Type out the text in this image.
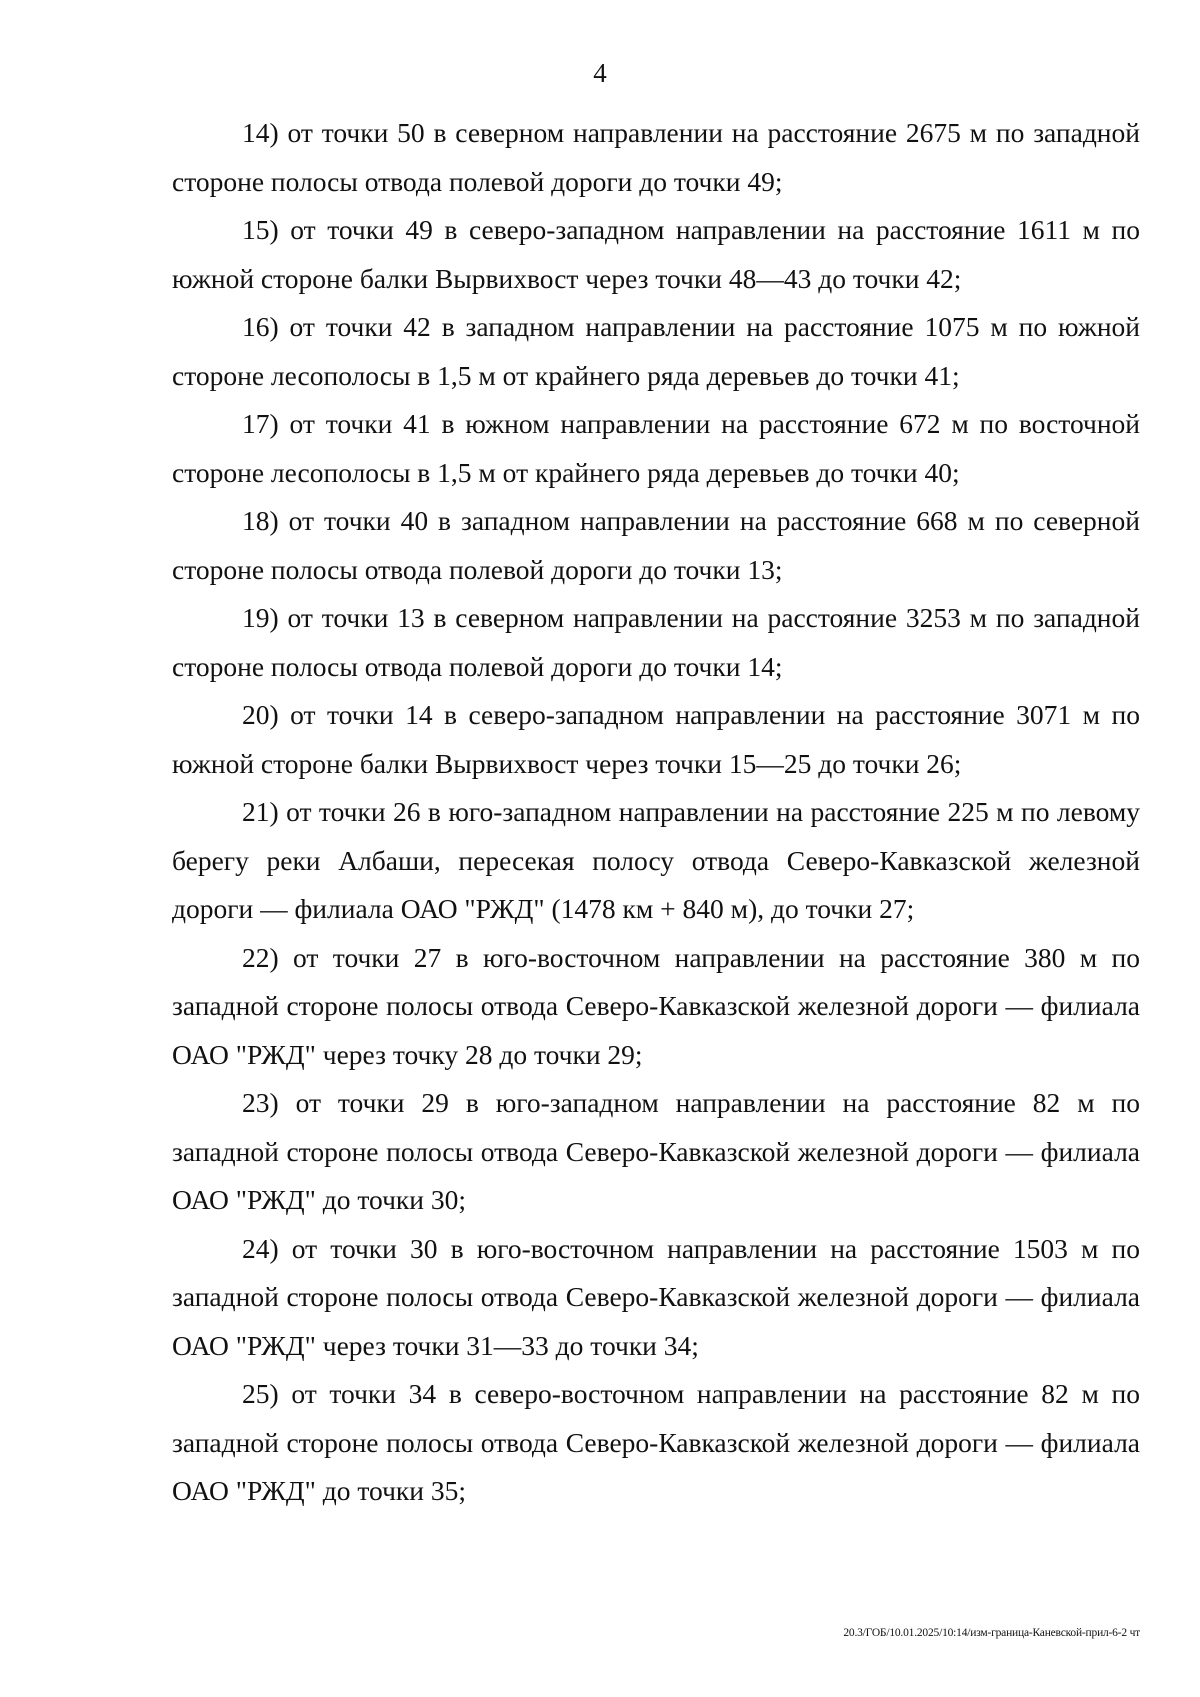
4

14) от точки 50 в северном направлении на расстояние 2675 м по западной стороне полосы отвода полевой дороги до точки 49;

15) от точки 49 в северо-западном направлении на расстояние 1611 м по южной стороне балки Вырвихвост через точки 48—43 до точки 42;

16) от точки 42 в западном направлении на расстояние 1075 м по южной стороне лесополосы в 1,5 м от крайнего ряда деревьев до точки 41;

17) от точки 41 в южном направлении на расстояние 672 м по восточной стороне лесополосы в 1,5 м от крайнего ряда деревьев до точки 40;

18) от точки 40 в западном направлении на расстояние 668 м по северной стороне полосы отвода полевой дороги до точки 13;

19) от точки 13 в северном направлении на расстояние 3253 м по западной стороне полосы отвода полевой дороги до точки 14;

20) от точки 14 в северо-западном направлении на расстояние 3071 м по южной стороне балки Вырвихвост через точки 15—25 до точки 26;

21) от точки 26 в юго-западном направлении на расстояние 225 м по левому берегу реки Албаши, пересекая полосу отвода Северо-Кавказской железной дороги — филиала ОАО "РЖД" (1478 км + 840 м), до точки 27;

22) от точки 27 в юго-восточном направлении на расстояние 380 м по западной стороне полосы отвода Северо-Кавказской железной дороги — филиала ОАО "РЖД" через точку 28 до точки 29;

23) от точки 29 в юго-западном направлении на расстояние 82 м по западной стороне полосы отвода Северо-Кавказской железной дороги — филиала ОАО "РЖД" до точки 30;

24) от точки 30 в юго-восточном направлении на расстояние 1503 м по западной стороне полосы отвода Северо-Кавказской железной дороги — филиала ОАО "РЖД" через точки 31—33 до точки 34;

25) от точки 34 в северо-восточном направлении на расстояние 82 м по западной стороне полосы отвода Северо-Кавказской железной дороги — филиала ОАО "РЖД" до точки 35;

20.3/ГОБ/10.01.2025/10:14/изм-граница-Каневской-прил-6-2 чт
